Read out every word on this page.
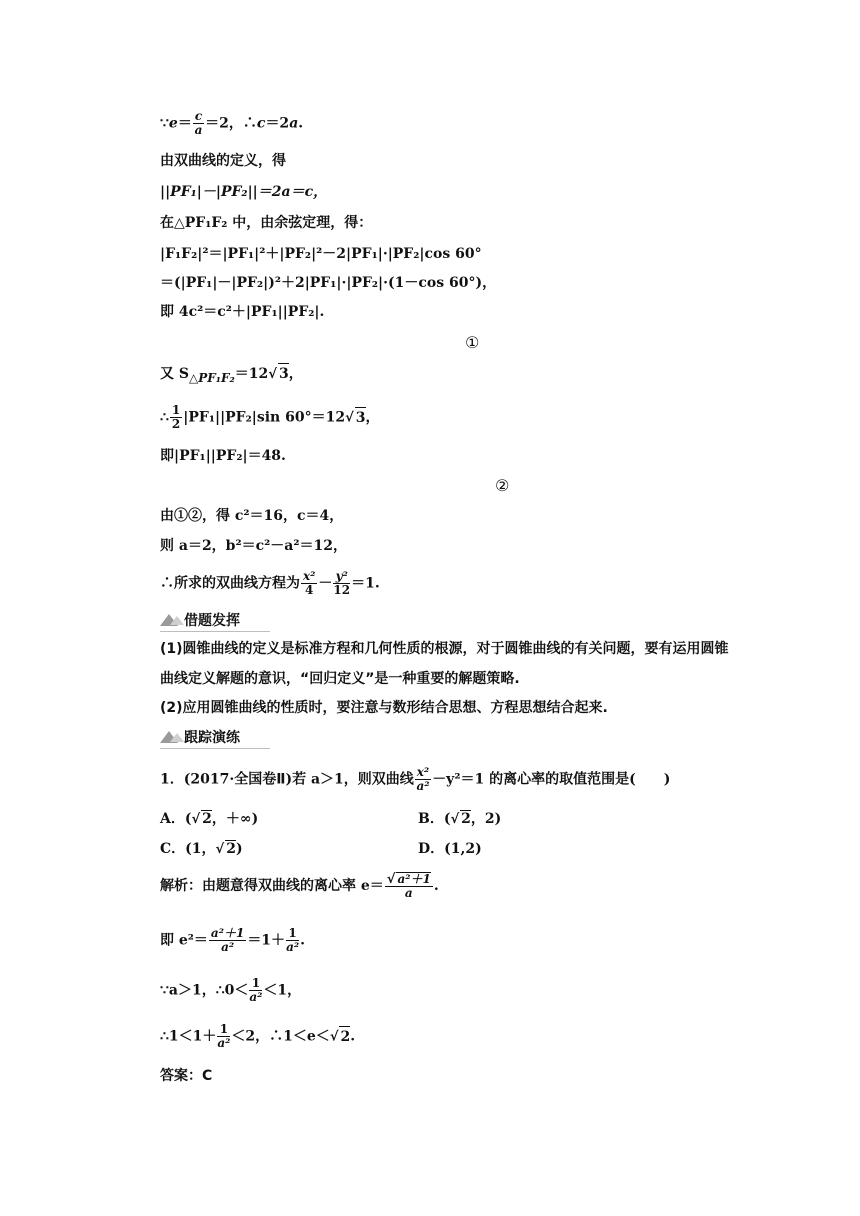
∵e＝ $\frac{c}{a} =2$，∴c＝2a.
由双曲线的定义，得
||PF₁|－|PF₂||＝2a＝c，
在△PF₁F₂ 中，由余弦定理，得：
|F₁F₂|²＝|PF₁|²＋|PF₂|²－2|PF₁|·|PF₂|cos 60°
＝(|PF₁|－|PF₂|)²＋2|PF₁|·|PF₂|·(1－cos 60°)，
即 4c²＝c²＋|PF₁||PF₂|.
①
又 $S_{\triangle PF_1F_2}=12√$ 3，
∴ $\frac{1}{2} |PF_1||PF_2|\sin$ 60°＝12√ 3，
即|PF₁||PF₂|＝48.
②
由①②，得 c²＝16，c＝4，
则 a＝2，b²＝c²－a²＝12，
∴所求的双曲线方程为 $\frac{\text{x²}}{4} - \frac{\text{y²}}{12} =1$.
借题发挥
(1)圆锥曲线的定义是标准方程和几何性质的根源，对于圆锥曲线的有关问题，要有运用圆锥曲线定义解题的意识，“回归定义”是一种重要的解题策略.
(2)应用圆锥曲线的性质时，要注意与数形结合思想、方程思想结合起来.
跟踪演练
1．(2017·全国卷Ⅱ)若 a＞1，则双曲线 $\frac{\text{x²}}{\text{a²}} -y^2=1$ 的离心率的取值范围是(　　)
A．(√ 2，＋∞)	B．(√ 2，2)
C．(1，√ 2)	D．(1,2)
解析：由题意得双曲线的离心率 $e= \frac{\text{√ a²＋1}}{a}$ .
即 $e^2= \frac{\text{a²＋1}}{\text{a²}} =1+ \frac{1}{\text{a²}}$ .
∵a＞1，∴0＜ $\frac{1}{\text{a²}} <1$，
∴1＜1＋ $\frac{1}{\text{a²}} <2$，∴1＜e＜√ 2.
答案：C
